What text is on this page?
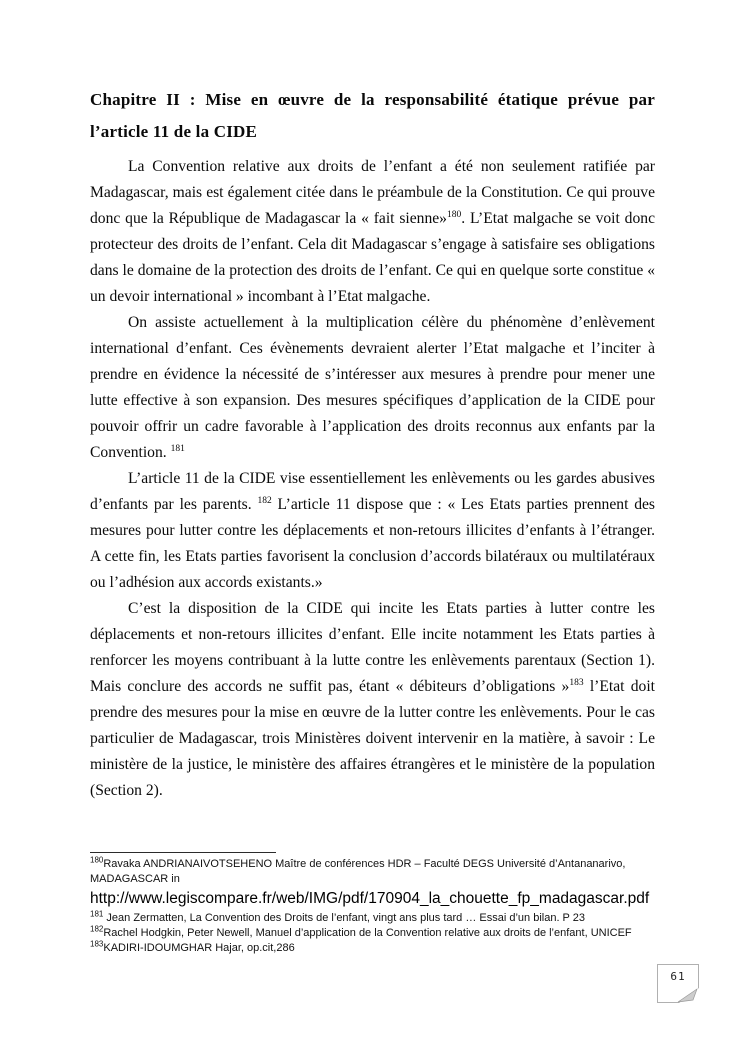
Chapitre II : Mise en œuvre de la responsabilité étatique prévue par l’article 11 de la CIDE

La Convention relative aux droits de l’enfant a été non seulement ratifiée par Madagascar, mais est également citée dans le préambule de la Constitution. Ce qui prouve donc que la République de Madagascar la « fait sienne»$^{180}$. L’Etat malgache se voit donc protecteur des droits de l’enfant. Cela dit Madagascar s’engage à satisfaire ses obligations dans le domaine de la protection des droits de l’enfant. Ce qui en quelque sorte constitue « un devoir international » incombant à l’Etat malgache.

On assiste actuellement à la multiplication célère du phénomène d’enlèvement international d’enfant. Ces évènements devraient alerter l’Etat malgache et l’inciter à prendre en évidence la nécessité de s’intéresser aux mesures à prendre pour mener une lutte effective à son expansion. Des mesures spécifiques d’application de la CIDE pour pouvoir offrir un cadre favorable à l’application des droits reconnus aux enfants par la Convention. $^{181}$

L’article 11 de la CIDE vise essentiellement les enlèvements ou les gardes abusives d’enfants par les parents. $^{182}$ L’article 11 dispose que : « Les Etats parties prennent des mesures pour lutter contre les déplacements et non-retours illicites d’enfants à l’étranger. A cette fin, les Etats parties favorisent la conclusion d’accords bilatéraux ou multilatéraux ou l’adhésion aux accords existants.»

C’est la disposition de la CIDE qui incite les Etats parties à lutter contre les déplacements et non-retours illicites d’enfant. Elle incite notamment les Etats parties à renforcer les moyens contribuant à la lutte contre les enlèvements parentaux (Section 1). Mais conclure des accords ne suffit pas, étant « débiteurs d’obligations »$^{183}$ l’Etat doit prendre des mesures pour la mise en œuvre de la lutter contre les enlèvements. Pour le cas particulier de Madagascar, trois Ministères doivent intervenir en la matière, à savoir : Le ministère de la justice, le ministère des affaires étrangères et le ministère de la population (Section 2).

$^{180}$Ravaka ANDRIANAIVOTSEHENO Maître de conférences HDR – Faculté DEGS Université d’Antananarivo, MADAGASCAR in
http://www.legiscompare.fr/web/IMG/pdf/170904_la_chouette_fp_madagascar.pdf
$^{181}$ Jean Zermatten, La Convention des Droits de l’enfant, vingt ans plus tard … Essai d’un bilan. P 23
$^{182}$Rachel Hodgkin, Peter Newell, Manuel d’application de la Convention relative aux droits de l’enfant, UNICEF
$^{183}$KADIRI-IDOUMGHAR Hajar, op.cit,286
61
